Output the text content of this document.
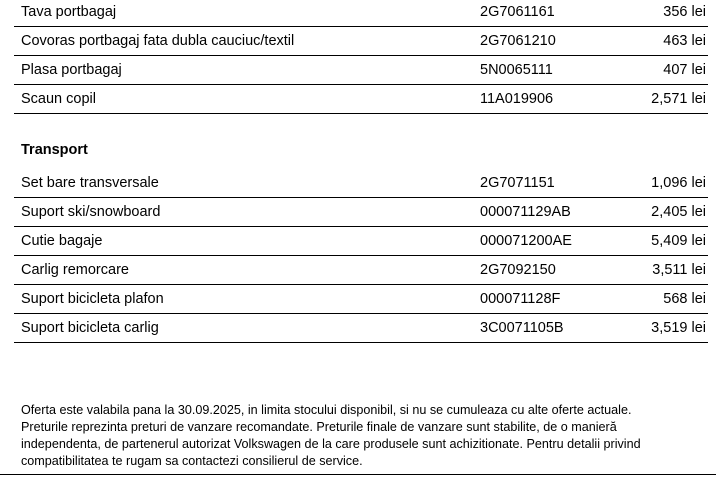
Tava portbagaj	2G7061161	356 lei
Covoras portbagaj fata dubla cauciuc/textil	2G7061210	463 lei
Plasa portbagaj	5N0065111	407 lei
Scaun copil	11A019906	2,571 lei
Transport
Set bare transversale	2G7071151	1,096 lei
Suport ski/snowboard	000071129AB	2,405 lei
Cutie bagaje	000071200AE	5,409 lei
Carlig remorcare	2G7092150	3,511 lei
Suport bicicleta plafon	000071128F	568 lei
Suport bicicleta carlig	3C0071105B	3,519 lei
Oferta este valabila pana la 30.09.2025, in limita stocului disponibil, si nu se cumuleaza cu alte oferte actuale.
Preturile reprezinta preturi de vanzare recomandate. Preturile finale de vanzare sunt stabilite, de o manieră
independenta, de partenerul autorizat Volkswagen de la care produsele sunt achizitionate. Pentru detalii privind
compatibilitatea te rugam sa contactezi consilierul de service.
